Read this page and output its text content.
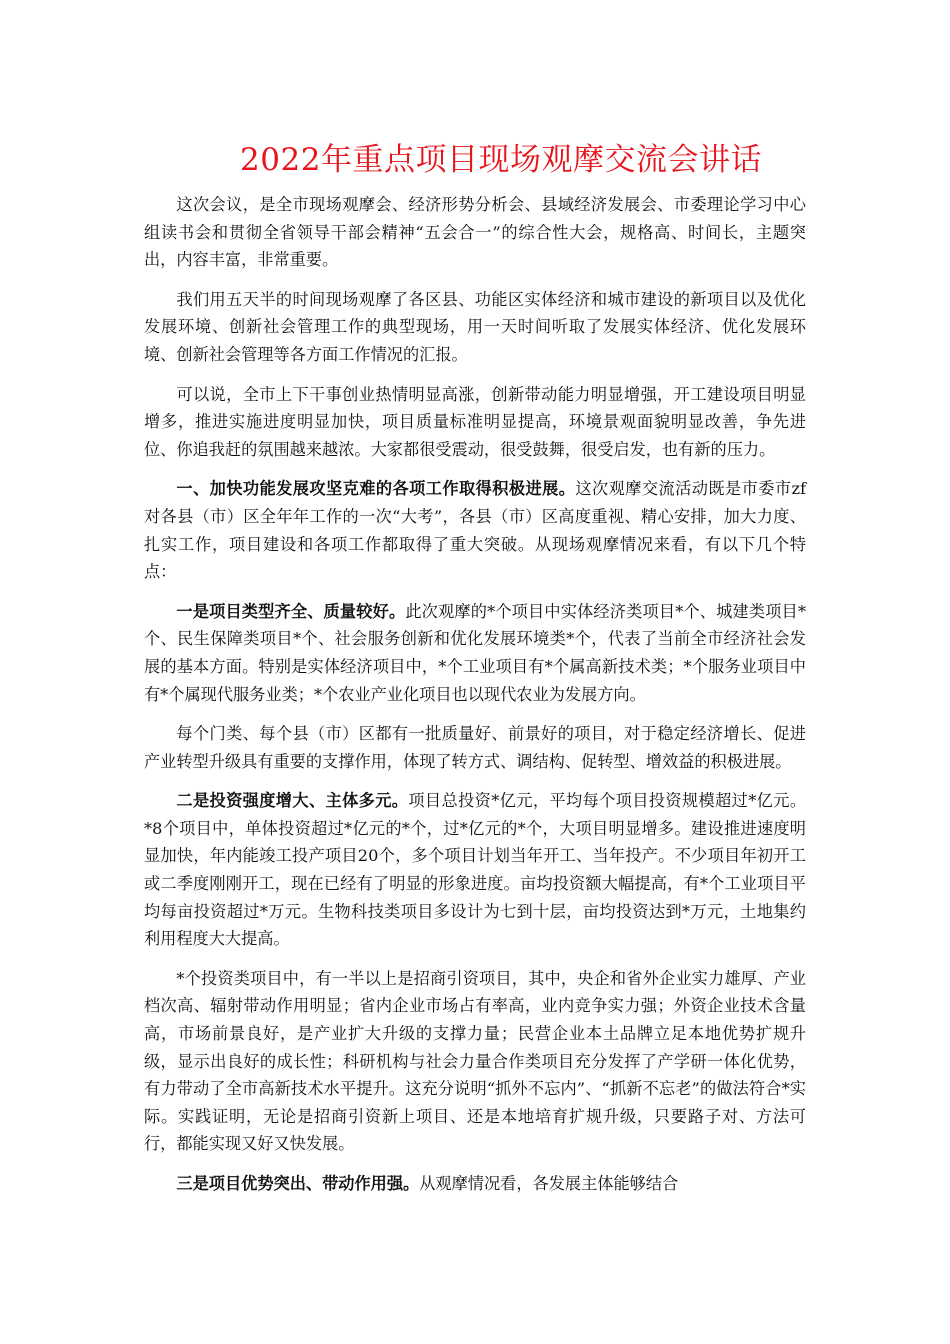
2022年重点项目现场观摩交流会讲话

这次会议，是全市现场观摩会、经济形势分析会、县域经济发展会、市委理论学习中心组读书会和贯彻全省领导干部会精神“五会合一”的综合性大会，规格高、时间长，主题突出，内容丰富，非常重要。

我们用五天半的时间现场观摩了各区县、功能区实体经济和城市建设的新项目以及优化发展环境、创新社会管理工作的典型现场，用一天时间听取了发展实体经济、优化发展环境、创新社会管理等各方面工作情况的汇报。

可以说，全市上下干事创业热情明显高涨，创新带动能力明显增强，开工建设项目明显增多，推进实施进度明显加快，项目质量标准明显提高，环境景观面貌明显改善，争先进位、你追我赶的氛围越来越浓。大家都很受震动，很受鼓舞，很受启发，也有新的压力。

一、加快功能发展攻坚克难的各项工作取得积极进展。这次观摩交流活动既是市委市zf对各县（市）区全年年工作的一次“大考”，各县（市）区高度重视、精心安排，加大力度、扎实工作，项目建设和各项工作都取得了重大突破。从现场观摩情况来看，有以下几个特点：

一是项目类型齐全、质量较好。此次观摩的*个项目中实体经济类项目*个、城建类项目*个、民生保障类项目*个、社会服务创新和优化发展环境类*个，代表了当前全市经济社会发展的基本方面。特别是实体经济项目中，*个工业项目有*个属高新技术类；*个服务业项目中有*个属现代服务业类；*个农业产业化项目也以现代农业为发展方向。

每个门类、每个县（市）区都有一批质量好、前景好的项目，对于稳定经济增长、促进产业转型升级具有重要的支撑作用，体现了转方式、调结构、促转型、增效益的积极进展。

二是投资强度增大、主体多元。项目总投资*亿元，平均每个项目投资规模超过*亿元。*8个项目中，单体投资超过*亿元的*个，过*亿元的*个，大项目明显增多。建设推进速度明显加快，年内能竣工投产项目20个，多个项目计划当年开工、当年投产。不少项目年初开工或二季度刚刚开工，现在已经有了明显的形象进度。亩均投资额大幅提高，有*个工业项目平均每亩投资超过*万元。生物科技类项目多设计为七到十层，亩均投资达到*万元，土地集约利用程度大大提高。

*个投资类项目中，有一半以上是招商引资项目，其中，央企和省外企业实力雄厚、产业档次高、辐射带动作用明显；省内企业市场占有率高，业内竞争实力强；外资企业技术含量高，市场前景良好，是产业扩大升级的支撑力量；民营企业本土品牌立足本地优势扩规升级，显示出良好的成长性；科研机构与社会力量合作类项目充分发挥了产学研一体化优势，有力带动了全市高新技术水平提升。这充分说明“抓外不忘内”、“抓新不忘老”的做法符合*实际。实践证明，无论是招商引资新上项目、还是本地培育扩规升级，只要路子对、方法可行，都能实现又好又快发展。

三是项目优势突出、带动作用强。从观摩情况看，各发展主体能够结合
